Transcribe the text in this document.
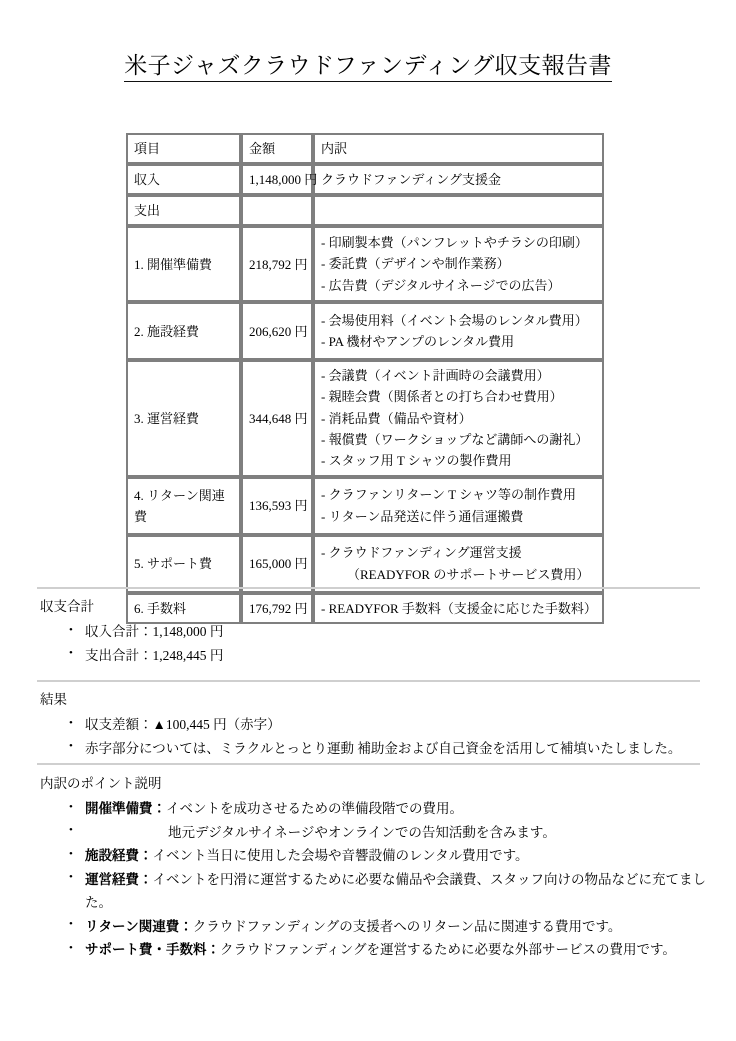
米子ジャズクラウドファンディング収支報告書
項目	金額	内訳
収入	1,148,000 円	クラウドファンディング支援金
支出		
1. 開催準備費	218,792 円	
- 印刷製本費（パンフレットやチラシの印刷）
- 委託費（デザインや制作業務）
- 広告費（デジタルサイネージでの広告）

2. 施設経費	206,620 円	
- 会場使用料（イベント会場のレンタル費用）
- PA 機材やアンプのレンタル費用

3. 運営経費	344,648 円	
- 会議費（イベント計画時の会議費用）
- 親睦会費（関係者との打ち合わせ費用）
- 消耗品費（備品や資材）
- 報償費（ワークショップなど講師への謝礼）
- スタッフ用 T シャツの製作費用

4. リターン関連費	136,593 円	
- クラファンリターン T シャツ等の制作費用
- リターン品発送に伴う通信運搬費

5. サポート費	165,000 円	
- クラウドファンディング運営支援
（READYFOR のサポートサービス費用）

6. 手数料	176,792 円	- READYFOR 手数料（支援金に応じた手数料）
収支合計
• 収入合計：1,148,000 円
• 支出合計：1,248,445 円
結果
• 収支差額：▲100,445 円（赤字）
• 赤字部分については、ミラクルとっとり運動 補助金および自己資金を活用して補填いたしました。
内訳のポイント説明
• 開催準備費：イベントを成功させるための準備段階での費用。
• 地元デジタルサイネージやオンラインでの告知活動を含みます。
• 施設経費：イベント当日に使用した会場や音響設備のレンタル費用です。
• 運営経費：イベントを円滑に運営するために必要な備品や会議費、スタッフ向けの物品などに充てました。
• リターン関連費：クラウドファンディングの支援者へのリターン品に関連する費用です。
• サポート費・手数料：クラウドファンディングを運営するために必要な外部サービスの費用です。
